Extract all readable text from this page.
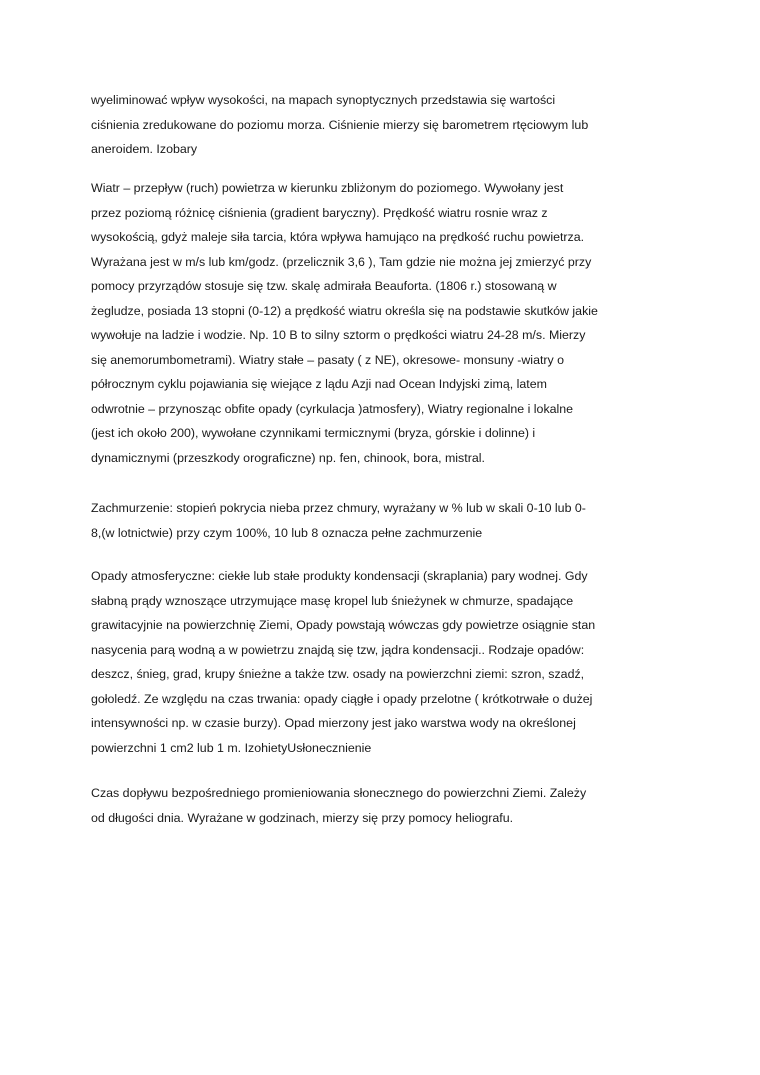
wyeliminować wpływ wysokości, na mapach synoptycznych przedstawia się wartości
ciśnienia zredukowane do poziomu morza. Ciśnienie mierzy się barometrem rtęciowym lub
aneroidem. Izobary
Wiatr – przepływ (ruch) powietrza w kierunku zbliżonym do poziomego. Wywołany jest
przez poziomą różnicę ciśnienia (gradient baryczny). Prędkość wiatru rosnie wraz z
wysokością, gdyż maleje siła tarcia, która wpływa hamująco na prędkość ruchu powietrza.
Wyrażana jest w m/s lub km/godz. (przelicznik 3,6 ), Tam gdzie nie można jej zmierzyć przy
pomocy przyrządów stosuje się tzw. skalę admirała Beauforta. (1806 r.) stosowaną w
żegludze, posiada 13 stopni (0-12) a prędkość wiatru określa się na podstawie skutków jakie
wywołuje na ladzie i wodzie. Np. 10 B to silny sztorm o prędkości wiatru 24-28 m/s. Mierzy
się anemorumbometrami). Wiatry stałe – pasaty ( z NE), okresowe- monsuny -wiatry o
półrocznym cyklu pojawiania się wiejące z lądu Azji nad Ocean Indyjski zimą, latem
odwrotnie – przynosząc obfite opady (cyrkulacja )atmosfery), Wiatry regionalne i lokalne
(jest ich około 200), wywołane czynnikami termicznymi (bryza, górskie i dolinne) i
dynamicznymi (przeszkody orograficzne) np. fen, chinook, bora, mistral.
Zachmurzenie: stopień pokrycia nieba przez chmury, wyrażany w % lub w skali 0-10 lub 0-
8,(w lotnictwie) przy czym 100%, 10 lub 8 oznacza pełne zachmurzenie
Opady atmosferyczne: ciekłe lub stałe produkty kondensacji (skraplania) pary wodnej. Gdy
słabną prądy wznoszące utrzymujące masę kropel lub śnieżynek w chmurze, spadające
grawitacyjnie na powierzchnię Ziemi, Opady powstają wówczas gdy powietrze osiągnie stan
nasycenia parą wodną a w powietrzu znajdą się tzw, jądra kondensacji.. Rodzaje opadów:
deszcz, śnieg, grad, krupy śnieżne a także tzw. osady na powierzchni ziemi: szron, szadź,
gołoledź. Ze względu na czas trwania: opady ciągłe i opady przelotne ( krótkotrwałe o dużej
intensywności np. w czasie burzy). Opad mierzony jest jako warstwa wody na określonej
powierzchni 1 cm2 lub 1 m. IzohietyUsłonecznienie
Czas dopływu bezpośredniego promieniowania słonecznego do powierzchni Ziemi. Zależy
od długości dnia. Wyrażane w godzinach, mierzy się przy pomocy heliografu.
